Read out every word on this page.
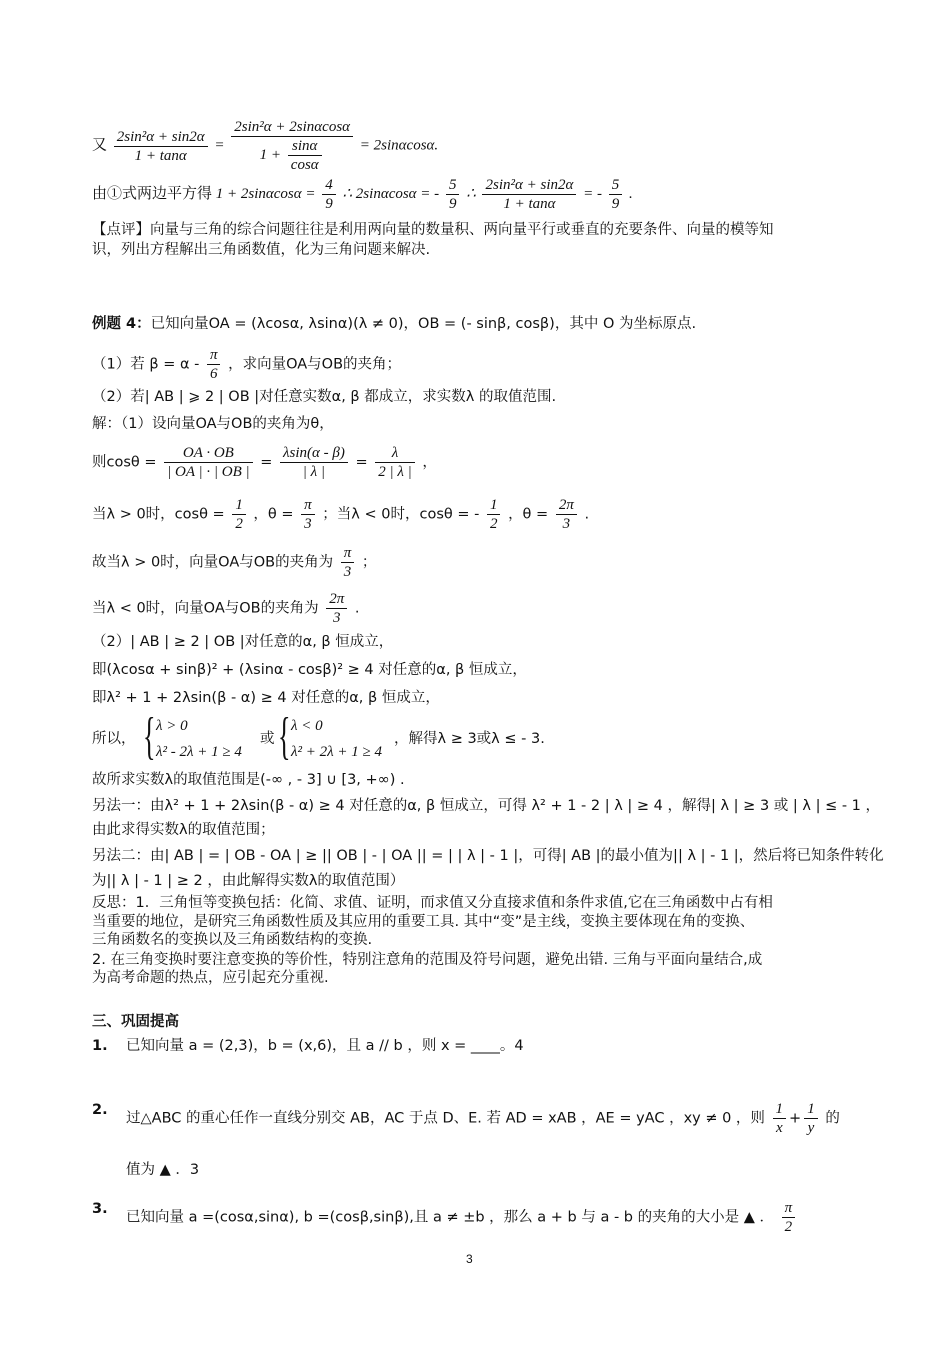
又 $\frac{\text{2sin²α + sin2α}}{1 + \tan\alpha} = \frac{\text{2sin²α + 2sinαcosα}}{1 + \frac{\sin\alpha}{\cos\alpha}} = 2\sin\alpha\cos\alpha$.
由①式两边平方得 $1 + 2\sin\alpha\cos\alpha = \frac{4}{9}$ ∴ 2sinαcosα = - $\frac{5}{9}$ ∴ $\frac{\text{2sin²α + sin2α}}{1 + \tan\alpha}$ = - $\frac{5}{9}$ .
【点评】向量与三角的综合问题往往是利用两向量的数量积、两向量平行或垂直的充要条件、向量的模等知
识，列出方程解出三角函数值，化为三角问题来解决.
例题 4：已知向量OA = (λcosα, λsinα)(λ ≠ 0)，OB = (- sinβ, cosβ)，其中 O 为坐标原点.
（1）若 $\beta = \alpha - \frac{\pi}{6}$ ，求向量OA与OB的夹角；
（2）若| AB | ⩾ 2 | OB |对任意实数α, β 都成立，求实数λ 的取值范围.
解：（1）设向量OA与OB的夹角为θ，
则$\cos\theta = \frac{OA \cdot OB}{| OA | \cdot | OB |} = \frac{\lambda\sin(\alpha - \beta)}{| \lambda |} = \frac{\lambda}{2 | \lambda |}$ ，
当λ > 0时，$\cos\theta = \frac{1}{2}$ ，$\theta = \frac{\pi}{3}$ ；当λ < 0时，cosθ = - $\frac{1}{2}$ ，$\theta = \frac{2\pi}{3}$ .
故当λ > 0时，向量OA与OB的夹角为 $\frac{\pi}{3}$ ；
当λ < 0时，向量OA与OB的夹角为 $\frac{2\pi}{3}$ .
（2）| AB | ≥ 2 | OB |对任意的α, β 恒成立，
即(λcosα + sinβ)² + (λsinα - cosβ)² ≥ 4 对任意的α, β 恒成立，
即λ² + 1 + 2λsin(β - α) ≥ 4 对任意的α, β 恒成立，
所以， { λ > 0
λ² - 2λ + 1 ≥ 4
或 { λ < 0
λ² + 2λ + 1 ≥ 4
，解得λ ≥ 3或λ ≤ - 3.
故所求实数λ的取值范围是(-∞ , - 3] ∪ [3, +∞) .
另法一：由λ² + 1 + 2λsin(β - α) ≥ 4 对任意的α, β 恒成立，可得 λ² + 1 - 2 | λ | ≥ 4 ，解得| λ | ≥ 3 或 | λ | ≤ - 1 ，
由此求得实数λ的取值范围；
另法二：由| AB | = | OB - OA | ≥ || OB | - | OA || = | | λ | - 1 |，可得| AB |的最小值为|| λ | - 1 |，然后将已知条件转化
为|| λ | - 1 | ≥ 2 ，由此解得实数λ的取值范围）
反思：1．三角恒等变换包括：化简、求值、证明，而求值又分直接求值和条件求值,它在三角函数中占有相
当重要的地位，是研究三角函数性质及其应用的重要工具. 其中“变”是主线，变换主要体现在角的变换、
三角函数名的变换以及三角函数结构的变换.
2. 在三角变换时要注意变换的等价性，特别注意角的范围及符号问题，避免出错. 三角与平面向量结合,成
为高考命题的热点，应引起充分重视.
三、巩固提高
1. 已知向量 a = (2,3)，b = (x,6)，且 a // b ，则 x = ____。4
2.
过△ABC 的重心任作一直线分别交 AB，AC 于点 D、E. 若 AD = xAB ，AE = yAC ，xy ≠ 0 ，则 $\frac{1}{x} + \frac{1}{y}$ 的
值为 ▲ ．3
3.
已知向量 a =(cosα,sinα), b =(cosβ,sinβ),且 a ≠ ±b ，那么 a + b 与 a - b 的夹角的大小是 ▲ ． $\frac{\pi}{2}$
3
